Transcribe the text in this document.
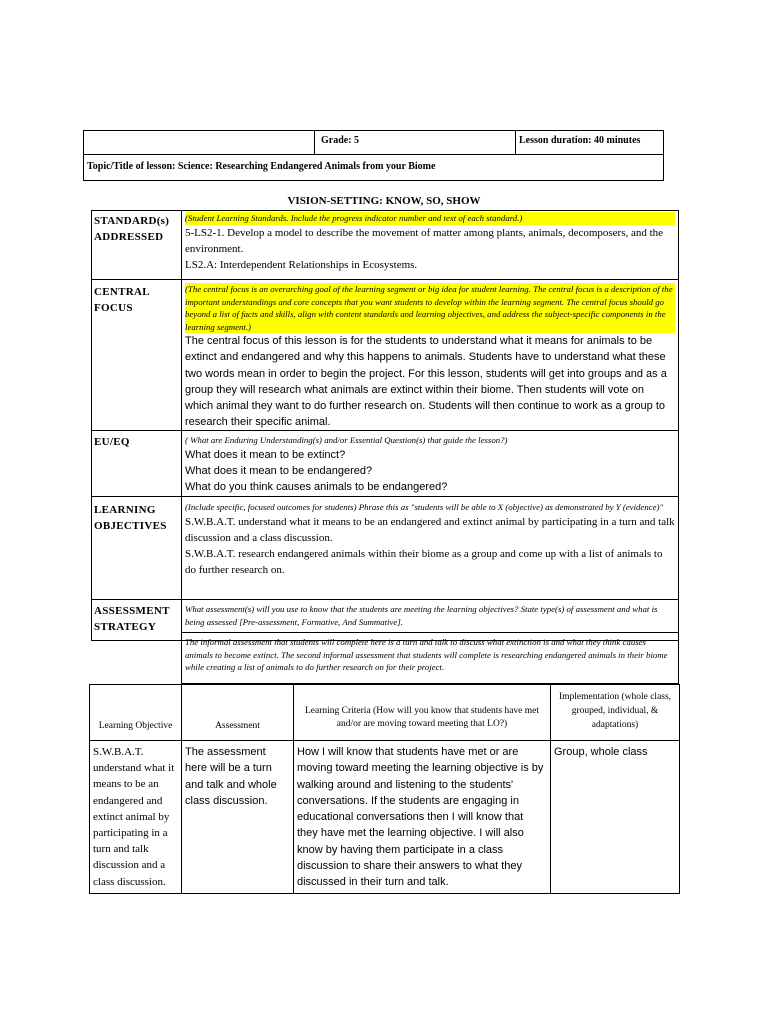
Grade: 5	Lesson duration: 40 minutes
Topic/Title of lesson: Science: Researching Endangered Animals from your Biome
VISION-SETTING: KNOW, SO, SHOW
STANDARD(s) ADDRESSED
(Student Learning Standards. Include the progress indicator number and text of each standard.)
5-LS2-1. Develop a model to describe the movement of matter among plants, animals, decomposers, and the environment.
LS2.A: Interdependent Relationships in Ecosystems.
CENTRAL FOCUS
(The central focus is an overarching goal of the learning segment or big idea for student learning. The central focus is a description of the important understandings and core concepts that you want students to develop within the learning segment. The central focus should go beyond a list of facts and skills, align with content standards and learning objectives, and address the subject-specific components in the learning segment.)
The central focus of this lesson is for the students to understand what it means for animals to be extinct and endangered and why this happens to animals. Students have to understand what these two words mean in order to begin the project. For this lesson, students will get into groups and as a group they will research what animals are extinct within their biome. Then students will vote on which animal they want to do further research on. Students will then continue to work as a group to research their specific animal.
EU/EQ	( What are Enduring Understanding(s) and/or Essential Question(s) that guide the lesson?)
What does it mean to be extinct?
What does it mean to be endangered?
What do you think causes animals to be endangered?
LEARNING OBJECTIVES
(Include specific, focused outcomes for students) Phrase this as "students will be able to X (objective) as demonstrated by Y (evidence)"
S.W.B.A.T. understand what it means to be an endangered and extinct animal by participating in a turn and talk discussion and a class discussion.
S.W.B.A.T. research endangered animals within their biome as a group and come up with a list of animals to do further research on.
ASSESSMENT STRATEGY
What assessment(s) will you use to know that the students are meeting the learning objectives? State type(s) of assessment and what is being assessed [Pre-assessment, Formative, And Summative].
The informal assessment that students will complete here is a turn and talk to discuss what extinction is and what they think causes animals to become extinct. The second informal assessment that students will complete is researching endangered animals in their biome while creating a list of animals to do further research on for their project.
Learning Objective
S.W.B.A.T. understand what it means to be an endangered and extinct animal by participating in a turn and talk discussion and a class discussion.
Assessment
The assessment here will be a turn and talk and whole class discussion.
Learning Criteria (How will you know that students have met and/or are moving toward meeting that LO?)
How I will know that students have met or are moving toward meeting the learning objective is by walking around and listening to the students' conversations. If the students are engaging in educational conversations then I will know that they have met the learning objective. I will also know by having them participate in a class discussion to share their answers to what they discussed in their turn and talk.
Implementation (whole class, grouped, individual, & adaptations)
Group, whole class
